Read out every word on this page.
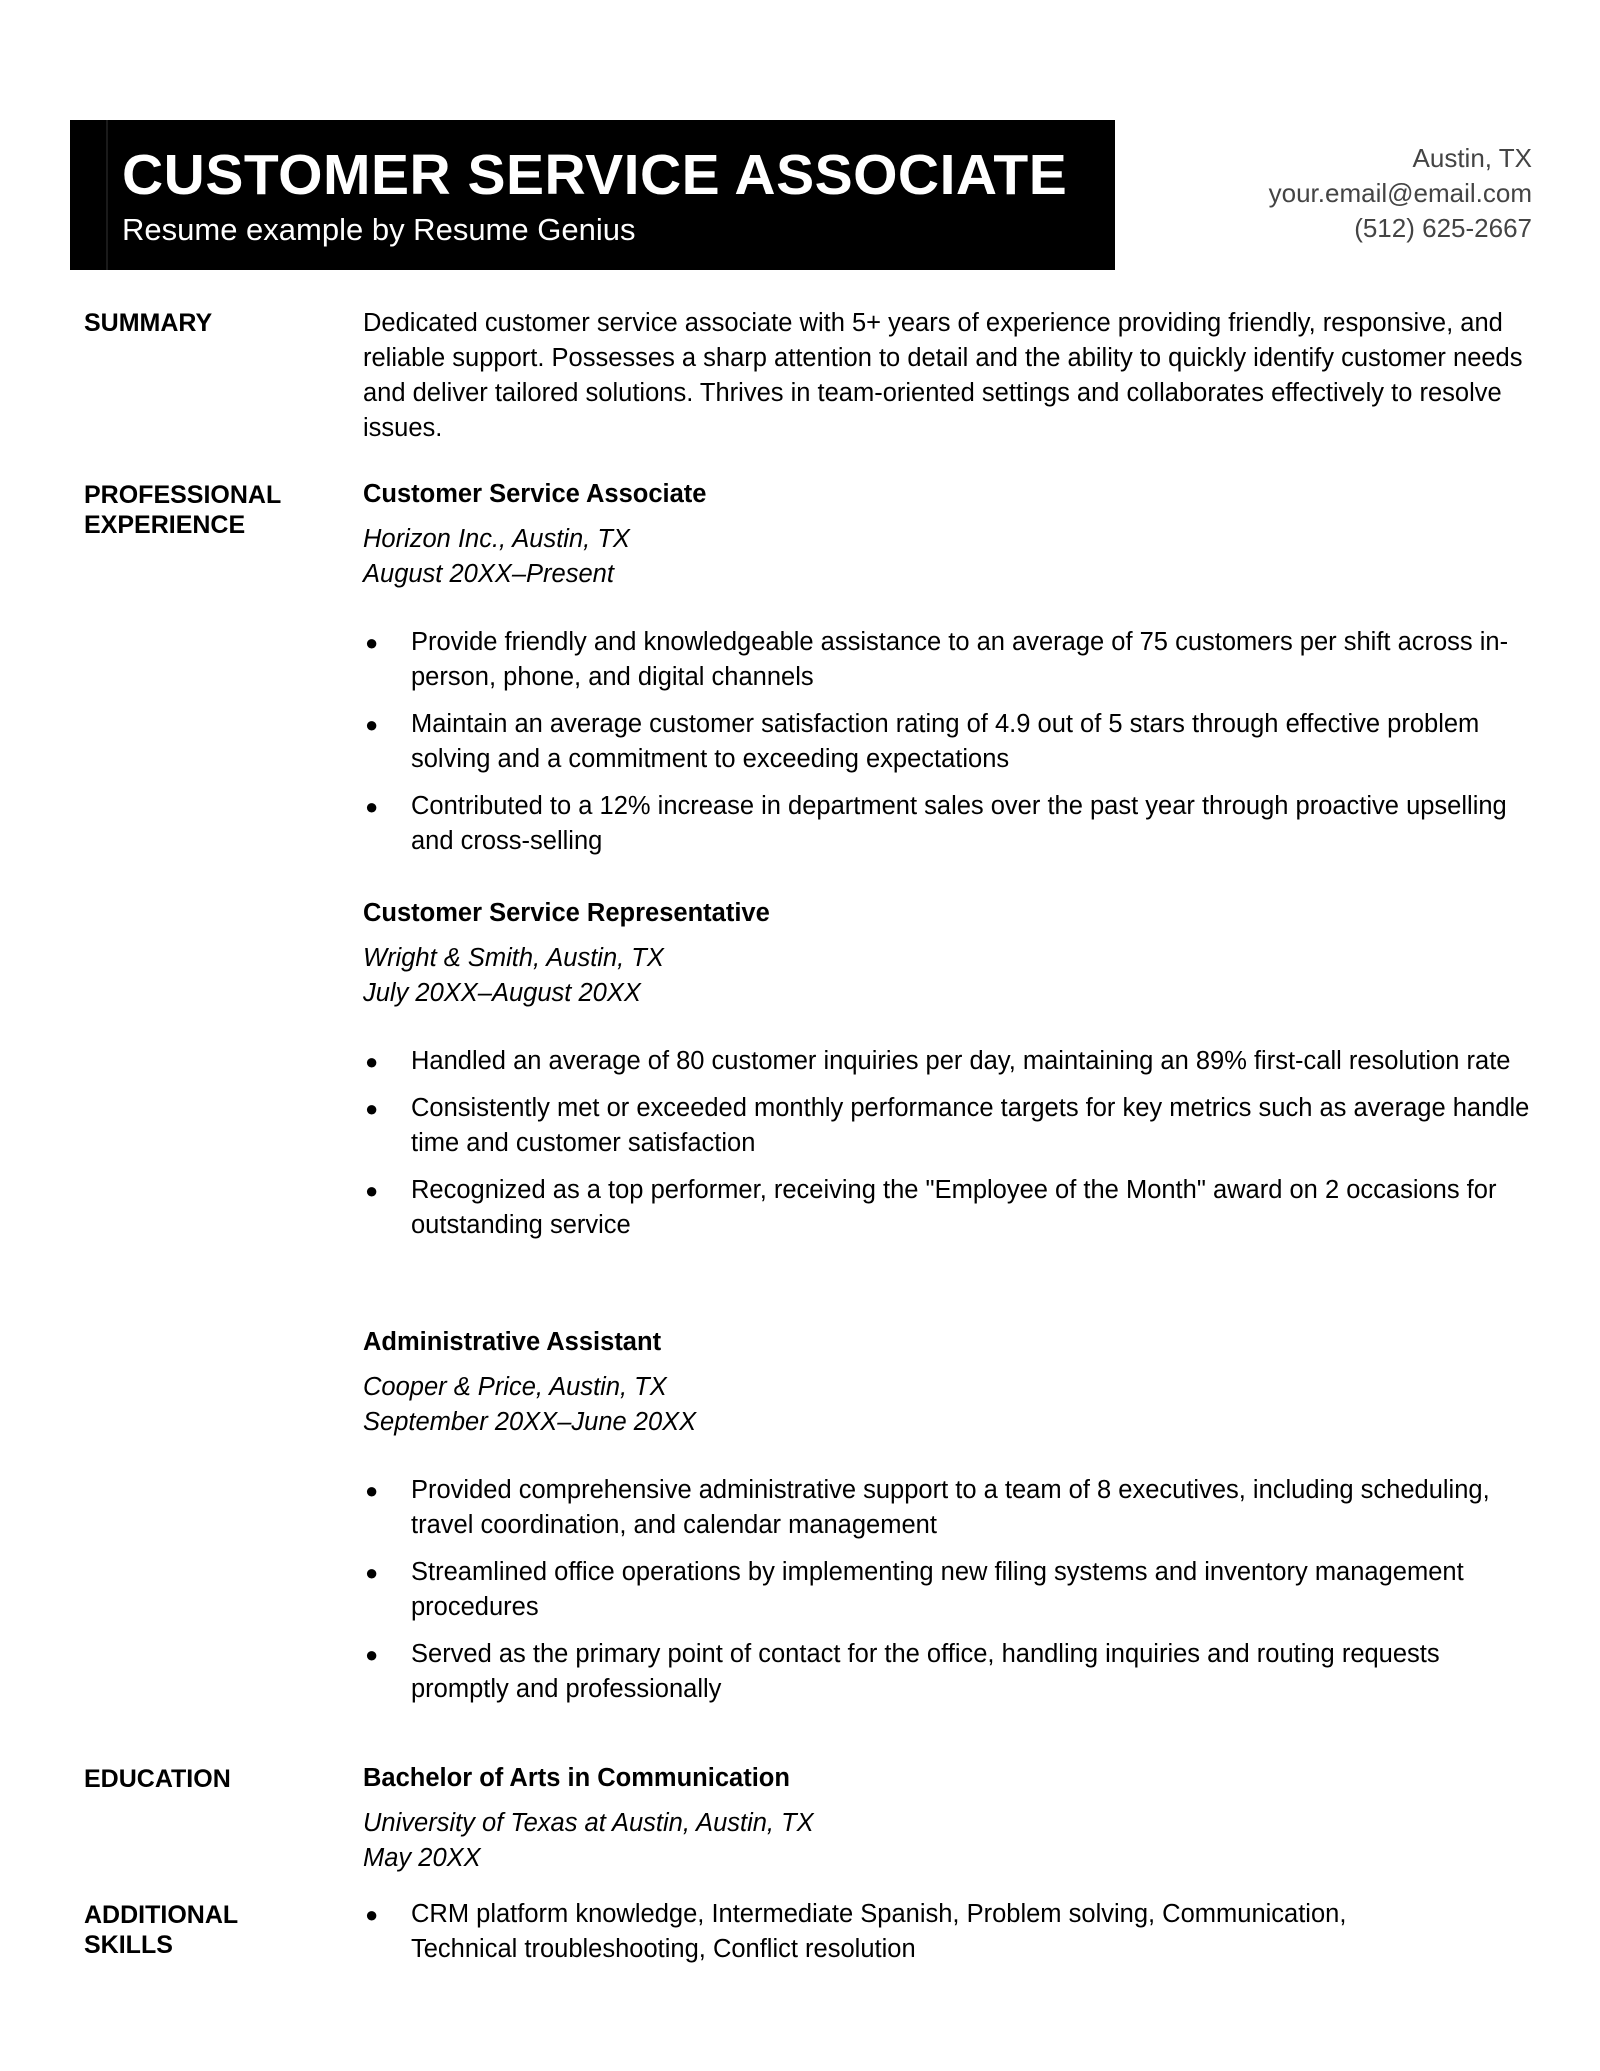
CUSTOMER SERVICE ASSOCIATE

Resume example by Resume Genius

Austin, TX
your.email@email.com
(512) 625-2667
SUMMARY	Dedicated customer service associate with 5+ years of experience providing friendly, responsive, and reliable support. Possesses a sharp attention to detail and the ability to quickly identify customer needs and deliver tailored solutions. Thrives in team-oriented settings and collaborates effectively to resolve issues.

PROFESSIONAL
EXPERIENCE

Customer Service Associate

Horizon Inc., Austin, TX

August 20XX–Present

● Provide friendly and knowledgeable assistance to an average of 75 customers per shift across in-person, phone, and digital channels
● Maintain an average customer satisfaction rating of 4.9 out of 5 stars through effective problem solving and a commitment to exceeding expectations
● Contributed to a 12% increase in department sales over the past year through proactive upselling and cross-selling

Customer Service Representative

Wright & Smith, Austin, TX

July 20XX–August 20XX

● Handled an average of 80 customer inquiries per day, maintaining an 89% first-call resolution rate
● Consistently met or exceeded monthly performance targets for key metrics such as average handle time and customer satisfaction
● Recognized as a top performer, receiving the "Employee of the Month" award on 2 occasions for outstanding service

Administrative Assistant

Cooper & Price, Austin, TX

September 20XX–June 20XX

● Provided comprehensive administrative support to a team of 8 executives, including scheduling, travel coordination, and calendar management
● Streamlined office operations by implementing new filing systems and inventory management procedures
● Served as the primary point of contact for the office, handling inquiries and routing requests promptly and professionally
EDUCATION	Bachelor of Arts in Communication

University of Texas at Austin, Austin, TX

May 20XX

ADDITIONAL
SKILLS
● CRM platform knowledge, Intermediate Spanish, Problem solving, Communication, Technical troubleshooting, Conflict resolution
